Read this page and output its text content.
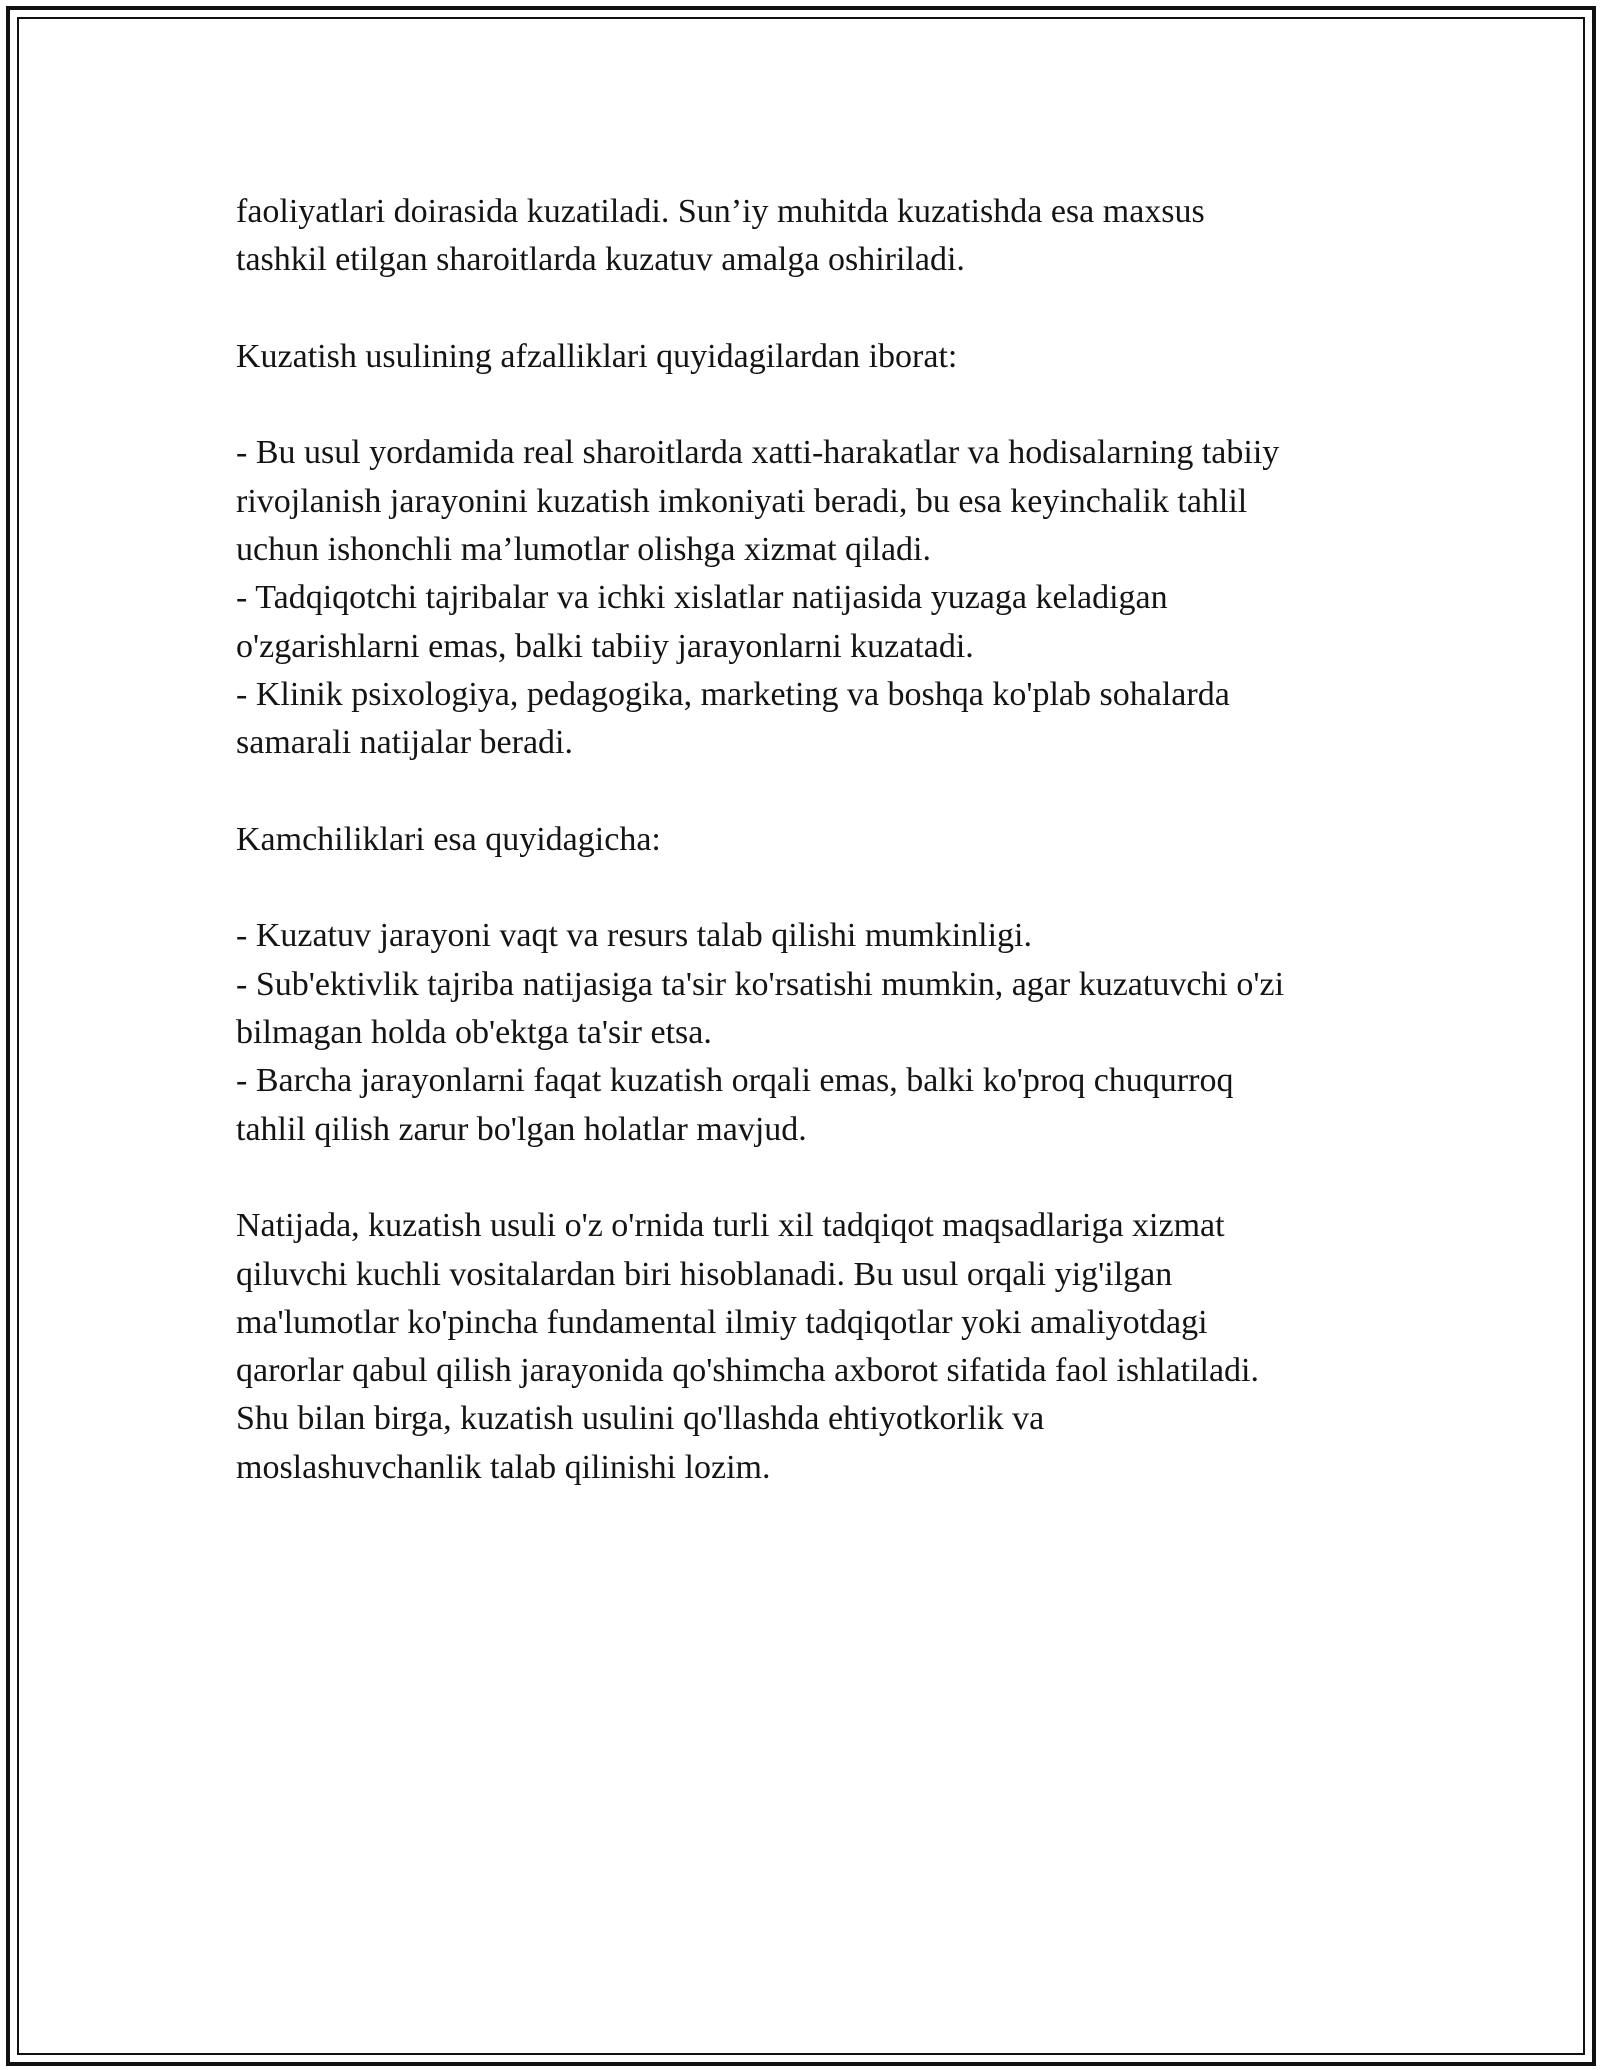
faoliyatlari doirasida kuzatiladi. Sun’iy muhitda kuzatishda esa maxsus
tashkil etilgan sharoitlarda kuzatuv amalga oshiriladi.
Kuzatish usulining afzalliklari quyidagilardan iborat:
- Bu usul yordamida real sharoitlarda xatti-harakatlar va hodisalarning tabiiy
rivojlanish jarayonini kuzatish imkoniyati beradi, bu esa keyinchalik tahlil
uchun ishonchli ma’lumotlar olishga xizmat qiladi.
- Tadqiqotchi tajribalar va ichki xislatlar natijasida yuzaga keladigan
o'zgarishlarni emas, balki tabiiy jarayonlarni kuzatadi.
- Klinik psixologiya, pedagogika, marketing va boshqa ko'plab sohalarda
samarali natijalar beradi.
Kamchiliklari esa quyidagicha:
- Kuzatuv jarayoni vaqt va resurs talab qilishi mumkinligi.
- Sub'ektivlik tajriba natijasiga ta'sir ko'rsatishi mumkin, agar kuzatuvchi o'zi
bilmagan holda ob'ektga ta'sir etsa.
- Barcha jarayonlarni faqat kuzatish orqali emas, balki ko'proq chuqurroq
tahlil qilish zarur bo'lgan holatlar mavjud.
Natijada, kuzatish usuli o'z o'rnida turli xil tadqiqot maqsadlariga xizmat
qiluvchi kuchli vositalardan biri hisoblanadi. Bu usul orqali yig'ilgan
ma'lumotlar ko'pincha fundamental ilmiy tadqiqotlar yoki amaliyotdagi
qarorlar qabul qilish jarayonida qo'shimcha axborot sifatida faol ishlatiladi.
Shu bilan birga, kuzatish usulini qo'llashda ehtiyotkorlik va
moslashuvchanlik talab qilinishi lozim.
